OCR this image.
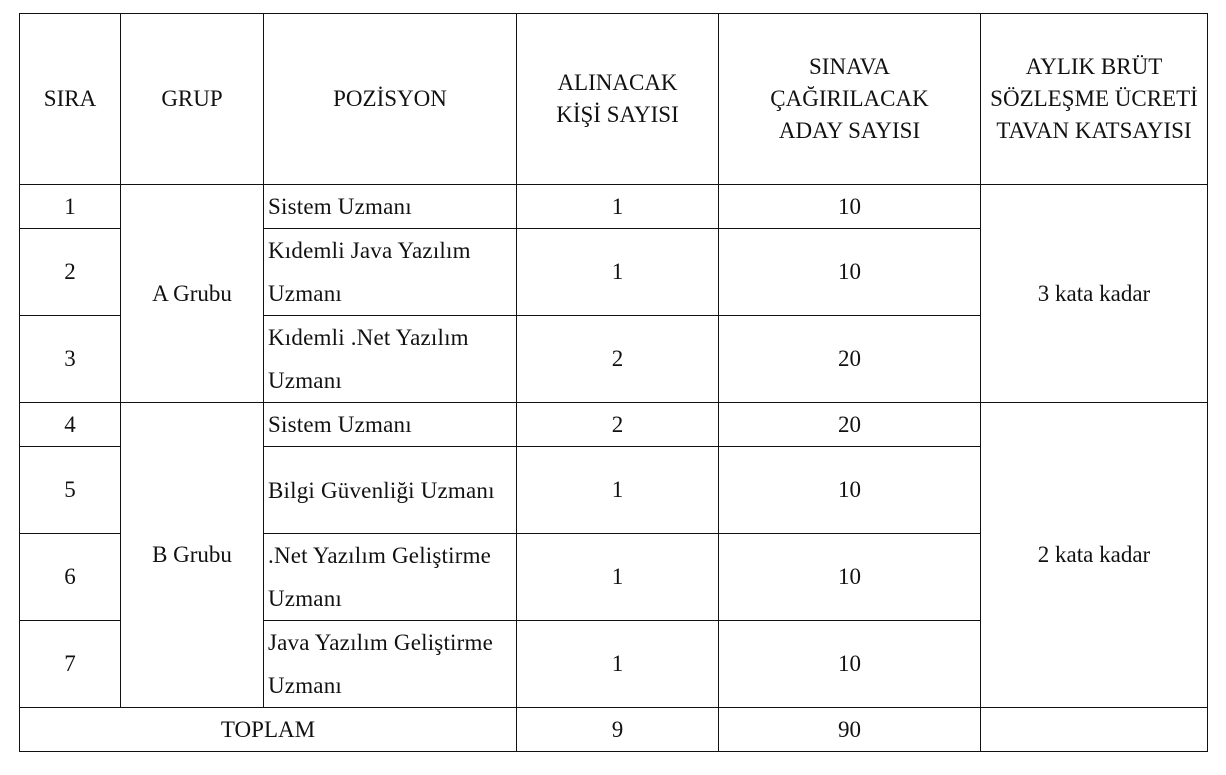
SIRA	GRUP	POZİSYON	ALINACAK KİŞİ SAYISI	SINAVA ÇAĞIRILACAK ADAY SAYISI	AYLIK BRÜT SÖZLEŞME ÜCRETİ TAVAN KATSAYISI

1	A Grubu	Sistem Uzmanı	1	10	3 kata kadar
2		Kıdemli Java Yazılım Uzmanı	1	10	
3		Kıdemli .Net Yazılım Uzmanı	2	20	
4	B Grubu	Sistem Uzmanı	2	20	2 kata kadar
5		Bilgi Güvenliği Uzmanı	1	10	
6		.Net Yazılım Geliştirme Uzmanı	1	10	
7		Java Yazılım Geliştirme Uzmanı	1	10	
TOPLAM			9	90	
